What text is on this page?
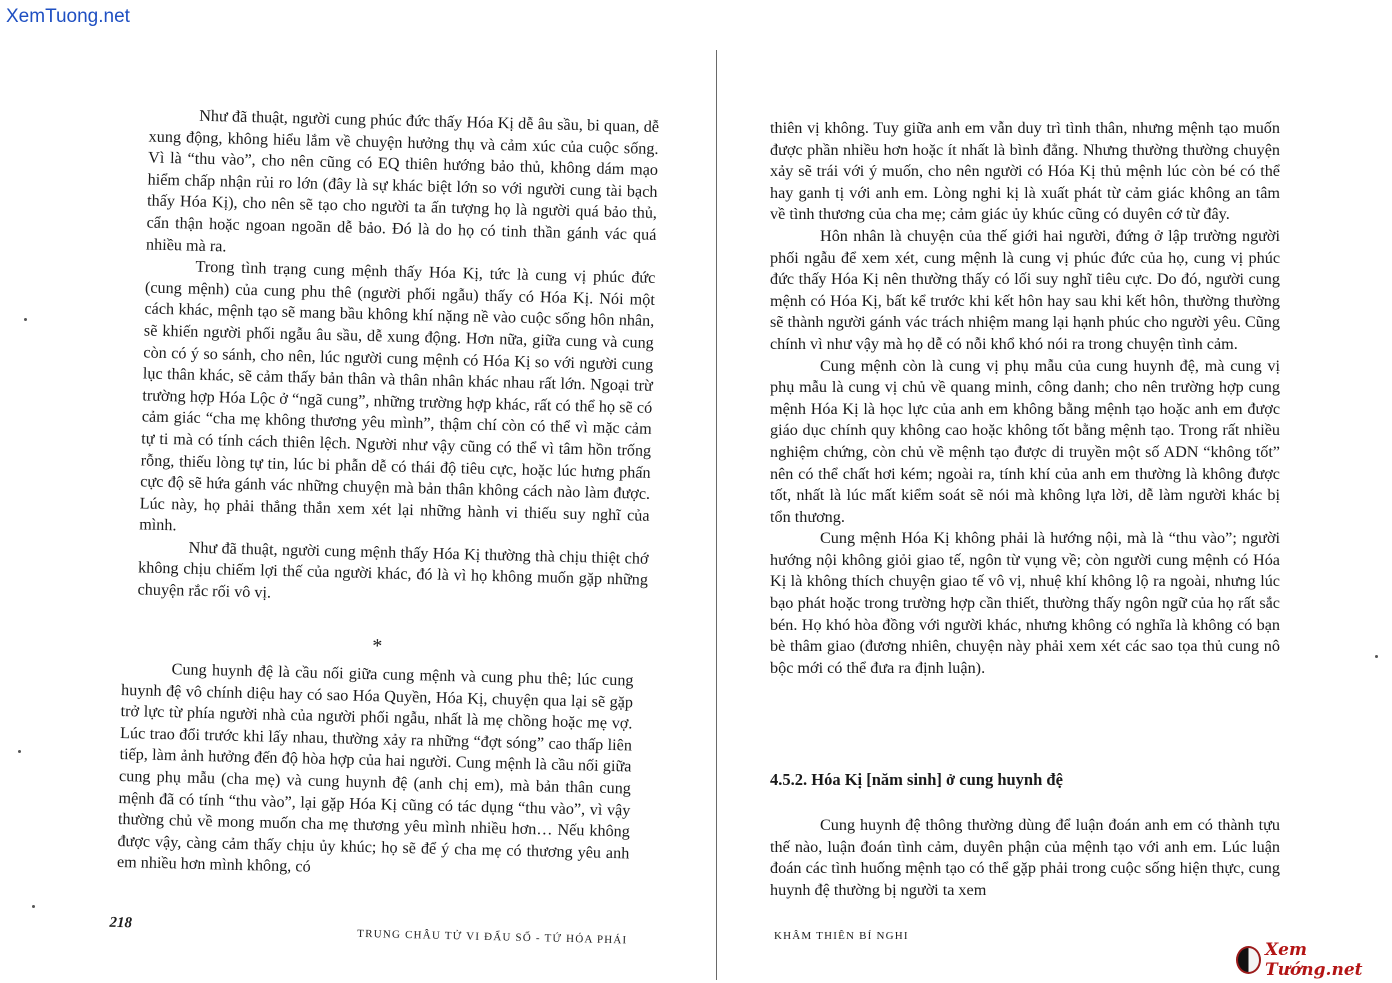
XemTuong.net

Như đã thuật, người cung phúc đức thấy Hóa Kị dễ âu sầu, bi quan, dễ xung động, không hiểu lắm về chuyện hưởng thụ và cảm xúc của cuộc sống. Vì là “thu vào”, cho nên cũng có EQ thiên hướng bảo thủ, không dám mạo hiểm chấp nhận rủi ro lớn (đây là sự khác biệt lớn so với người cung tài bạch thấy Hóa Kị), cho nên sẽ tạo cho người ta ấn tượng họ là người quá bảo thủ, cẩn thận hoặc ngoan ngoãn dễ bảo. Đó là do họ có tinh thần gánh vác quá nhiều mà ra.

Trong tình trạng cung mệnh thấy Hóa Kị, tức là cung vị phúc đức (cung mệnh) của cung phu thê (người phối ngẫu) thấy có Hóa Kị. Nói một cách khác, mệnh tạo sẽ mang bầu không khí nặng nề vào cuộc sống hôn nhân, sẽ khiến người phối ngẫu âu sầu, dễ xung động. Hơn nữa, giữa cung và cung còn có ý so sánh, cho nên, lúc người cung mệnh có Hóa Kị so với người cung lục thân khác, sẽ cảm thấy bản thân và thân nhân khác nhau rất lớn. Ngoại trừ trường hợp Hóa Lộc ở “ngã cung”, những trường hợp khác, rất có thể họ sẽ có cảm giác “cha mẹ không thương yêu mình”, thậm chí còn có thể vì mặc cảm tự ti mà có tính cách thiên lệch. Người như vậy cũng có thể vì tâm hồn trống rỗng, thiếu lòng tự tin, lúc bi phẫn dễ có thái độ tiêu cực, hoặc lúc hưng phấn cực độ sẽ hứa gánh vác những chuyện mà bản thân không cách nào làm được. Lúc này, họ phải thẳng thắn xem xét lại những hành vi thiếu suy nghĩ của mình.

Như đã thuật, người cung mệnh thấy Hóa Kị thường thà chịu thiệt chớ không chịu chiếm lợi thế của người khác, đó là vì họ không muốn gặp những chuyện rắc rối vô vị.

*

Cung huynh đệ là cầu nối giữa cung mệnh và cung phu thê; lúc cung huynh đệ vô chính diệu hay có sao Hóa Quyền, Hóa Kị, chuyện qua lại sẽ gặp trở lực từ phía người nhà của người phối ngẫu, nhất là mẹ chồng hoặc mẹ vợ. Lúc trao đổi trước khi lấy nhau, thường xảy ra những “đợt sóng” cao thấp liên tiếp, làm ảnh hưởng đến độ hòa hợp của hai người. Cung mệnh là cầu nối giữa cung phụ mẫu (cha mẹ) và cung huynh đệ (anh chị em), mà bản thân cung mệnh đã có tính “thu vào”, lại gặp Hóa Kị cũng có tác dụng “thu vào”, vì vậy thường chủ về mong muốn cha mẹ thương yêu mình nhiều hơn… Nếu không được vậy, càng cảm thấy chịu ủy khúc; họ sẽ để ý cha mẹ có thương yêu anh em nhiều hơn mình không, có

218
TRUNG CHÂU TỬ VI ĐẨU SỐ - TỨ HÓA PHÁI

thiên vị không. Tuy giữa anh em vẫn duy trì tình thân, nhưng mệnh tạo muốn được phần nhiều hơn hoặc ít nhất là bình đẳng. Nhưng thường thường chuyện xảy sẽ trái với ý muốn, cho nên người có Hóa Kị thủ mệnh lúc còn bé có thể hay ganh tị với anh em. Lòng nghi kị là xuất phát từ cảm giác không an tâm về tình thương của cha mẹ; cảm giác ủy khúc cũng có duyên cớ từ đây.

Hôn nhân là chuyện của thế giới hai người, đứng ở lập trường người phối ngẫu để xem xét, cung mệnh là cung vị phúc đức của họ, cung vị phúc đức thấy Hóa Kị nên thường thấy có lối suy nghĩ tiêu cực. Do đó, người cung mệnh có Hóa Kị, bất kể trước khi kết hôn hay sau khi kết hôn, thường thường sẽ thành người gánh vác trách nhiệm mang lại hạnh phúc cho người yêu. Cũng chính vì như vậy mà họ dễ có nỗi khổ khó nói ra trong chuyện tình cảm.

Cung mệnh còn là cung vị phụ mẫu của cung huynh đệ, mà cung vị phụ mẫu là cung vị chủ về quang minh, công danh; cho nên trường hợp cung mệnh Hóa Kị là học lực của anh em không bằng mệnh tạo hoặc anh em được giáo dục chính quy không cao hoặc không tốt bằng mệnh tạo. Trong rất nhiều nghiệm chứng, còn chủ về mệnh tạo được di truyền một số ADN “không tốt” nên có thể chất hơi kém; ngoài ra, tính khí của anh em thường là không được tốt, nhất là lúc mất kiểm soát sẽ nói mà không lựa lời, dễ làm người khác bị tổn thương.

Cung mệnh Hóa Kị không phải là hướng nội, mà là “thu vào”; người hướng nội không giỏi giao tế, ngôn từ vụng về; còn người cung mệnh có Hóa Kị là không thích chuyện giao tế vô vị, nhuệ khí không lộ ra ngoài, nhưng lúc bạo phát hoặc trong trường hợp cần thiết, thường thấy ngôn ngữ của họ rất sắc bén. Họ khó hòa đồng với người khác, nhưng không có nghĩa là không có bạn bè thâm giao (đương nhiên, chuyện này phải xem xét các sao tọa thủ cung nô bộc mới có thể đưa ra định luận).

4.5.2. Hóa Kị [năm sinh] ở cung huynh đệ

Cung huynh đệ thông thường dùng để luận đoán anh em có thành tựu thế nào, luận đoán tình cảm, duyên phận của mệnh tạo với anh em. Lúc luận đoán các tình huống mệnh tạo có thể gặp phải trong cuộc sống hiện thực, cung huynh đệ thường bị người ta xem

KHÂM THIÊN BÍ NGHI
Xem Tướng.net
